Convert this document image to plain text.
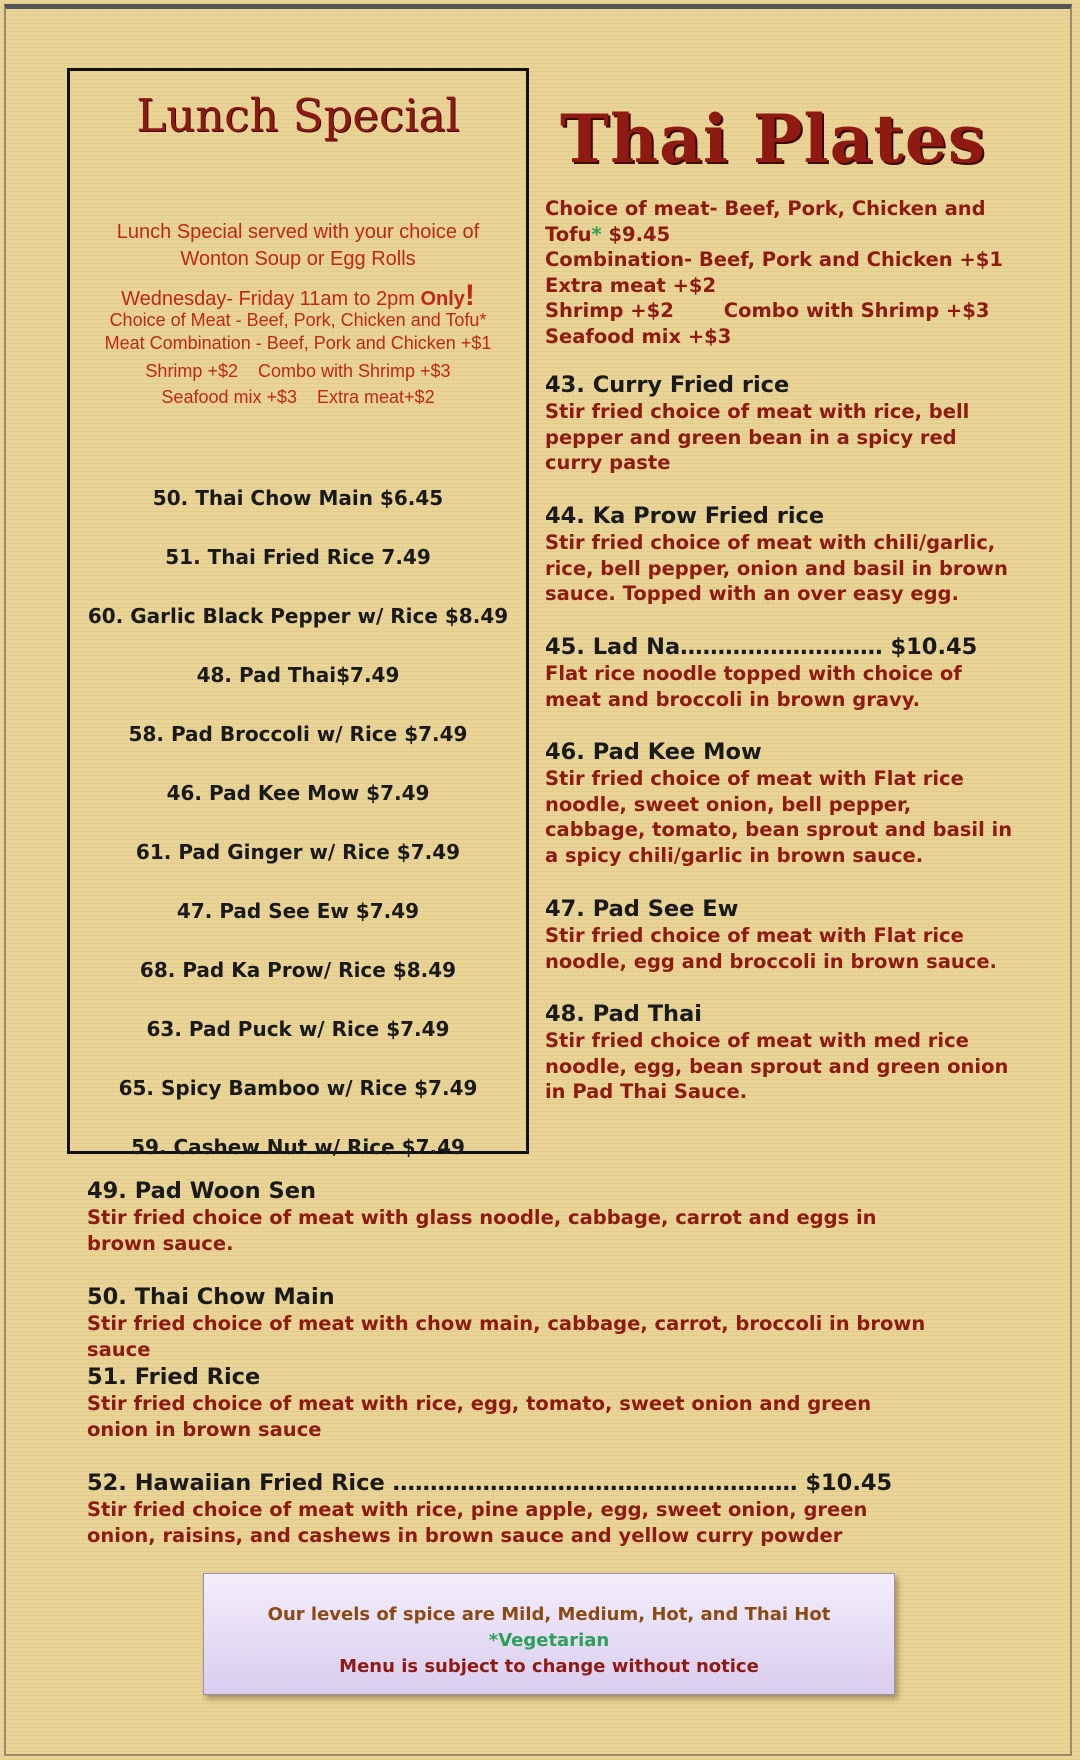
Lunch Special
Lunch Special served with your choice of
Wonton Soup or Egg Rolls
Wednesday- Friday 11am to 2pm Only!
Choice of Meat - Beef, Pork, Chicken and Tofu*
Meat Combination - Beef, Pork and Chicken +$1
Shrimp +$2 Combo with Shrimp +$3
Seafood mix +$3 Extra meat+$2
50. Thai Chow Main $6.45
51. Thai Fried Rice 7.49
60. Garlic Black Pepper w/ Rice $8.49
48. Pad Thai$7.49
58. Pad Broccoli w/ Rice $7.49
46. Pad Kee Mow $7.49
61. Pad Ginger w/ Rice $7.49
47. Pad See Ew $7.49
68. Pad Ka Prow/ Rice $8.49
63. Pad Puck w/ Rice $7.49
65. Spicy Bamboo w/ Rice $7.49
59. Cashew Nut w/ Rice $7.49
Thai Plates
Choice of meat- Beef, Pork, Chicken and Tofu* $9.45
Combination- Beef, Pork and Chicken +$1
Extra meat +$2
Shrimp +$2	Combo with Shrimp +$3
Seafood mix +$3
43. Curry Fried rice
Stir fried choice of meat with rice, bell pepper and green bean in a spicy red curry paste
44. Ka Prow Fried rice
Stir fried choice of meat with chili/garlic, rice, bell pepper, onion and basil in brown sauce. Topped with an over easy egg.
45. Lad Na……………………… $10.45
Flat rice noodle topped with choice of meat and broccoli in brown gravy.
46. Pad Kee Mow
Stir fried choice of meat with Flat rice noodle, sweet onion, bell pepper, cabbage, tomato, bean sprout and basil in a spicy chili/garlic in brown sauce.
47. Pad See Ew
Stir fried choice of meat with Flat rice noodle, egg and broccoli in brown sauce.
48. Pad Thai
Stir fried choice of meat with med rice noodle, egg, bean sprout and green onion in Pad Thai Sauce.
49. Pad Woon Sen
Stir fried choice of meat with glass noodle, cabbage, carrot and eggs in brown sauce.
50. Thai Chow Main
Stir fried choice of meat with chow main, cabbage, carrot, broccoli in brown sauce
51. Fried Rice
Stir fried choice of meat with rice, egg, tomato, sweet onion and green onion in brown sauce
52. Hawaiian Fried Rice ……………………………………………… $10.45
Stir fried choice of meat with rice, pine apple, egg, sweet onion, green onion, raisins, and cashews in brown sauce and yellow curry powder
Our levels of spice are Mild, Medium, Hot, and Thai Hot
*Vegetarian
Menu is subject to change without notice
